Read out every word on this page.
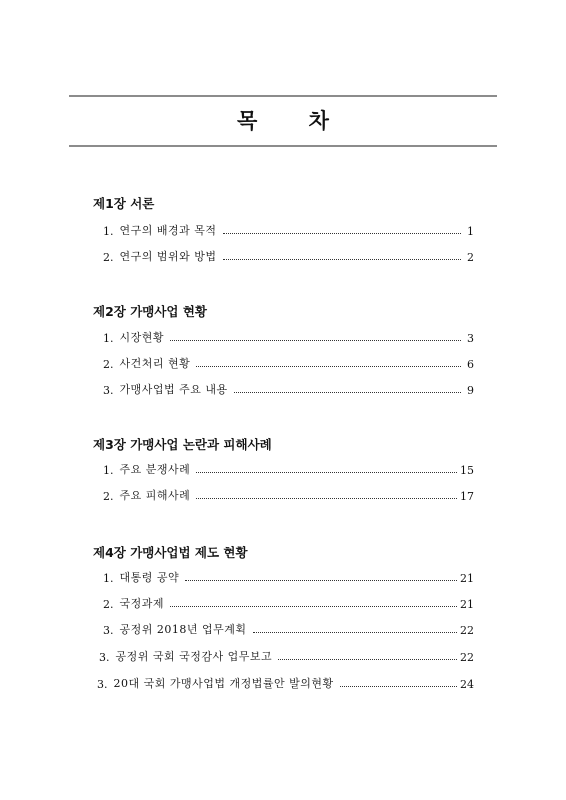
목 차
제1장 서론
1. 연구의 배경과 목적	1
2. 연구의 범위와 방법	2
제2장 가맹사업 현황
1. 시장현황	3
2. 사건처리 현황	6
3. 가맹사업법 주요 내용	9
제3장 가맹사업 논란과 피해사례
1. 주요 분쟁사례	15
2. 주요 피해사례	17
제4장 가맹사업법 제도 현황
1. 대통령 공약	21
2. 국정과제	21
3. 공정위 2018년 업무계획	22
3. 공정위 국회 국정감사 업무보고	22
3. 20대 국회 가맹사업법 개정법률안 발의현황	24
